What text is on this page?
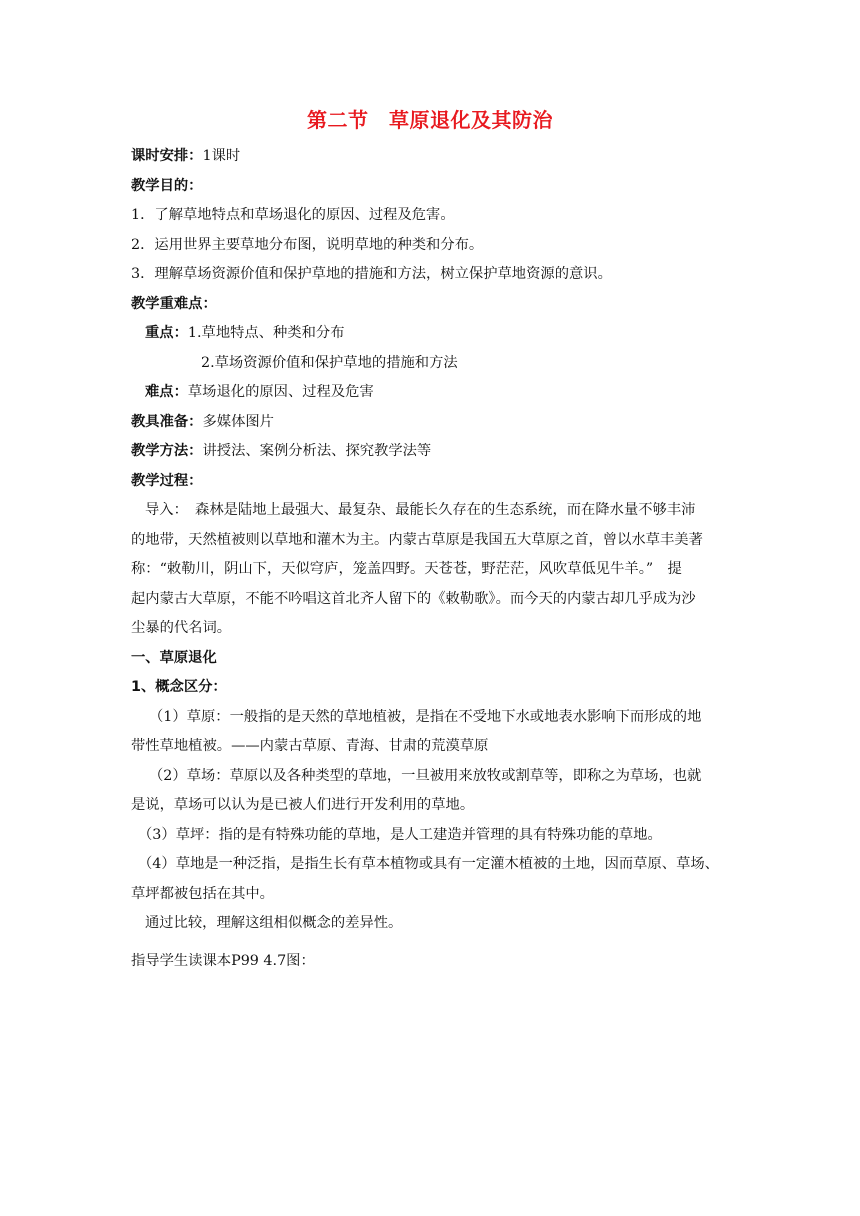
第二节　草原退化及其防治
课时安排：1课时
教学目的：
1．了解草地特点和草场退化的原因、过程及危害。
2．运用世界主要草地分布图，说明草地的种类和分布。
3．理解草场资源价值和保护草地的措施和方法，树立保护草地资源的意识。
教学重难点：
重点：1.草地特点、种类和分布
2.草场资源价值和保护草地的措施和方法
难点：草场退化的原因、过程及危害
教具准备：多媒体图片
教学方法：讲授法、案例分析法、探究教学法等
教学过程：
导入：　森林是陆地上最强大、最复杂、最能长久存在的生态系统，而在降水量不够丰沛
的地带，天然植被则以草地和灌木为主。内蒙古草原是我国五大草原之首，曾以水草丰美著
称：“敕勒川，阴山下，天似穹庐，笼盖四野。天苍苍，野茫茫，风吹草低见牛羊。”　提
起内蒙古大草原，不能不吟唱这首北齐人留下的《敕勒歌》。而今天的内蒙古却几乎成为沙
尘暴的代名词。
一、草原退化
1、概念区分：
（1）草原：一般指的是天然的草地植被，是指在不受地下水或地表水影响下而形成的地
带性草地植被。——内蒙古草原、青海、甘肃的荒漠草原
（2）草场：草原以及各种类型的草地，一旦被用来放牧或割草等，即称之为草场，也就
是说，草场可以认为是已被人们进行开发利用的草地。
（3）草坪：指的是有特殊功能的草地，是人工建造并管理的具有特殊功能的草地。
（4）草地是一种泛指，是指生长有草本植物或具有一定灌木植被的土地，因而草原、草场、
草坪都被包括在其中。
通过比较，理解这组相似概念的差异性。
指导学生读课本P99 4.7图：
